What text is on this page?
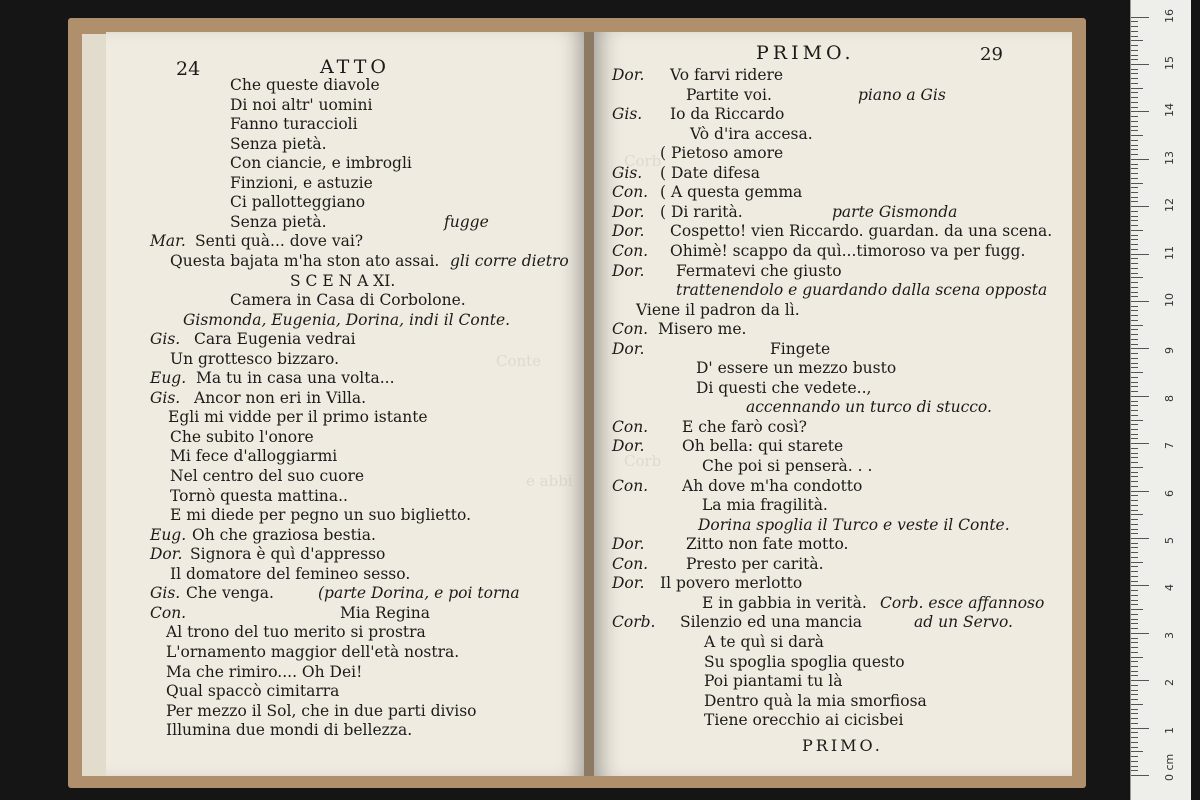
Conte
e abbi
24	ATTO
Che queste diavole
Di noi altr' uomini
Fanno turaccioli
Senza pietà.
Con ciancie, e imbrogli
Finzioni, e astuzie
Ci pallotteggiano
Senza pietà.	fugge
Mar. Senti quà... dove vai?
Questa bajata m'ha ston ato assai. gli corre dietro
S C E N A XI.
Camera in Casa di Corbolone.
Gismonda, Eugenia, Dorina, indi il Conte.
Gis. Cara Eugenia vedrai
Un grottesco bizzaro.
Eug. Ma tu in casa una volta...
Gis. Ancor non eri in Villa.
Egli mi vidde per il primo istante
Che subito l'onore
Mi fece d'alloggiarmi
Nel centro del suo cuore
Tornò questa mattina..
E mi diede per pegno un suo biglietto.
Eug. Oh che graziosa bestia.
Dor. Signora è quì d'appresso
Il domatore del femineo sesso.
Gis. Che venga.	(parte Dorina, e poi torna
Con.	Mia Regina
Al trono del tuo merito si prostra
L'ornamento maggior dell'età nostra.
Ma che rimiro.... Oh Dei!
Qual spaccò cimitarra
Per mezzo il Sol, che in due parti diviso
Illumina due mondi di bellezza.
Corb
Corb
PRIMO.	29
Dor. Vo farvi ridere
Partite voi.	piano a Gis
Gis. Io da Riccardo
Vò d'ira accesa.
( Pietoso amore
Gis. ( Date difesa
Con. ( A questa gemma
Dor. ( Di rarità.	parte Gismonda
Dor. Cospetto! vien Riccardo. guardan. da una scena.
Con. Ohimè! scappo da quì...timoroso va per fugg.
Dor. Fermatevi che giusto
trattenendolo e guardando dalla scena opposta
Viene il padron da lì.
Con. Misero me.
Dor.	Fingete
D' essere un mezzo busto
Di questi che vedete..,
accennando un turco di stucco.
Con. E che farò così?
Dor. Oh bella: qui starete
Che poi si penserà. . .
Con. Ah dove m'ha condotto
La mia fragilità.
Dorina spoglia il Turco e veste il Conte.
Dor.	Zitto non fate motto.
Con. Presto per carità.
Dor. Il povero merlotto
E in gabbia in verità. Corb. esce affannoso
Corb. Silenzio ed una mancia	ad un Servo.
A te quì si darà
Su spoglia spoglia questo
Poi piantami tu là
Dentro quà la mia smorfiosa
Tiene orecchio ai cicisbei
PRIMO.
0 cm
1
2
3
4
5
6
7
8
9
10
11
12
13
14
15
16
